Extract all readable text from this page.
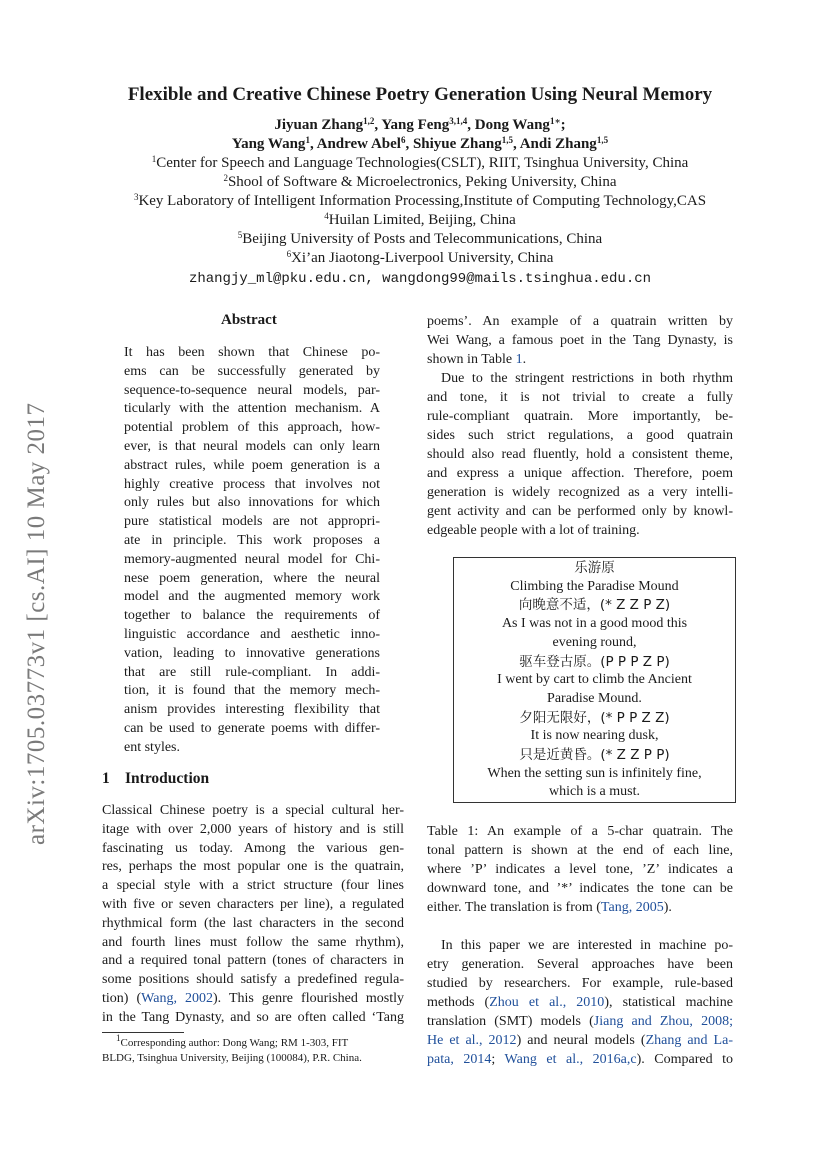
Flexible and Creative Chinese Poetry Generation Using Neural Memory
Jiyuan Zhang$^{1,2}$, Yang Feng$^{3,1,4}$, Dong Wang$^{1∗}$;
Yang Wang$^1$, Andrew Abel$^6$, Shiyue Zhang$^{1,5}$, Andi Zhang$^{1,5}$
$^1$Center for Speech and Language Technologies(CSLT), RIIT, Tsinghua University, China
$^2$Shool of Software & Microelectronics, Peking University, China
$^3$Key Laboratory of Intelligent Information Processing,Institute of Computing Technology,CAS
$^4$Huilan Limited, Beijing, China
$^5$Beijing University of Posts and Telecommunications, China
$^6$Xi’an Jiaotong-Liverpool University, China
zhangjy_ml@pku.edu.cn, wangdong99@mails.tsinghua.edu.cn
arXiv:1705.03773v1 [cs.AI] 10 May 2017
Abstract
It has been shown that Chinese po-
ems can be successfully generated by
sequence-to-sequence neural models, par-
ticularly with the attention mechanism. A
potential problem of this approach, how-
ever, is that neural models can only learn
abstract rules, while poem generation is a
highly creative process that involves not
only rules but also innovations for which
pure statistical models are not appropri-
ate in principle. This work proposes a
memory-augmented neural model for Chi-
nese poem generation, where the neural
model and the augmented memory work
together to balance the requirements of
linguistic accordance and aesthetic inno-
vation, leading to innovative generations
that are still rule-compliant. In addi-
tion, it is found that the memory mech-
anism provides interesting flexibility that
can be used to generate poems with differ-
ent styles.
1 Introduction
Classical Chinese poetry is a special cultural her-
itage with over 2,000 years of history and is still
fascinating us today. Among the various gen-
res, perhaps the most popular one is the quatrain,
a special style with a strict structure (four lines
with five or seven characters per line), a regulated
rhythmical form (the last characters in the second
and fourth lines must follow the same rhythm),
and a required tonal pattern (tones of characters in
some positions should satisfy a predefined regula-
tion) (Wang, 2002). This genre flourished mostly
in the Tang Dynasty, and so are often called ‘Tang
$^1$Corresponding author: Dong Wang; RM 1-303, FIT
BLDG, Tsinghua University, Beijing (100084), P.R. China.
poems’. An example of a quatrain written by
Wei Wang, a famous poet in the Tang Dynasty, is
shown in Table 1.
Due to the stringent restrictions in both rhythm
and tone, it is not trivial to create a fully
rule-compliant quatrain. More importantly, be-
sides such strict regulations, a good quatrain
should also read fluently, hold a consistent theme,
and express a unique affection. Therefore, poem
generation is widely recognized as a very intelli-
gent activity and can be performed only by knowl-
edgeable people with a lot of training.
乐游原
Climbing the Paradise Mound
向晚意不适，(* Z Z P Z)
As I was not in a good mood this
evening round,
驱车登古原。(P P P Z P)
I went by cart to climb the Ancient
Paradise Mound.
夕阳无限好，(* P P Z Z)
It is now nearing dusk,
只是近黄昏。(* Z Z P P)
When the setting sun is infinitely fine,
which is a must.
Table 1: An example of a 5-char quatrain. The
tonal pattern is shown at the end of each line,
where ’P’ indicates a level tone, ’Z’ indicates a
downward tone, and ’*’ indicates the tone can be
either. The translation is from (Tang, 2005).
In this paper we are interested in machine po-
etry generation. Several approaches have been
studied by researchers. For example, rule-based
methods (Zhou et al., 2010), statistical machine
translation (SMT) models (Jiang and Zhou, 2008;
He et al., 2012) and neural models (Zhang and La-
pata, 2014; Wang et al., 2016a,c). Compared to
